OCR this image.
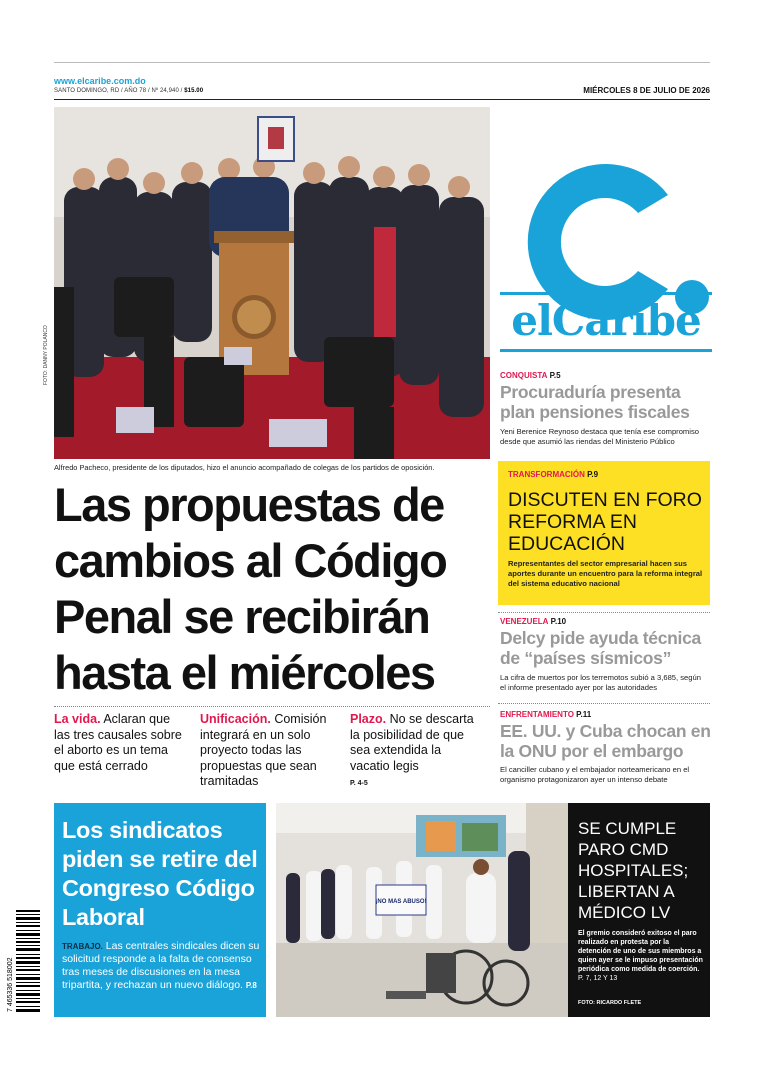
www.elcaribe.com.do
SANTO DOMINGO, RD / AÑO 78 / Nº 24,940 / $15.00	MIÉRCOLES 8 DE JULIO DE 2026
FOTO: DANNY POLANCO
Alfredo Pacheco, presidente de los diputados, hizo el anuncio acompañado de colegas de los partidos de oposición.
Las propuestas de cambios al Código Penal se recibirán hasta el miércoles
La vida. Aclaran que las tres causales sobre el aborto es un tema que está cerrado
Unificación. Comisión integrará en un solo proyecto todas las propuestas que sean tramitadas
Plazo. No se descarta la posibilidad de que sea extendida la vacatio legis
P. 4-5
elCaribe
CONQUISTA P.5
Procuraduría presenta plan pensiones fiscales
Yeni Berenice Reynoso destaca que tenía ese compromiso desde que asumió las riendas del Ministerio Público
TRANSFORMACIÓN P.9
DISCUTEN EN FORO REFORMA EN EDUCACIÓN
Representantes del sector empresarial hacen sus aportes durante un encuentro para la reforma integral del sistema educativo nacional
VENEZUELA P.10
Delcy pide ayuda técnica de “países sísmicos”
La cifra de muertos por los terremotos subió a 3,685, según el informe presentado ayer por las autoridades
ENFRENTAMIENTO P.11
EE. UU. y Cuba chocan en la ONU por el embargo
El canciller cubano y el embajador norteamericano en el organismo protagonizaron ayer un intenso debate
Los sindicatos piden se retire del Congreso Código Laboral
TRABAJO. Las centrales sindicales dicen su solicitud responde a la falta de consenso tras meses de discusiones en la mesa tripartita, y rechazan un nuevo diálogo. P.8
¡NO MAS ABUSO!
SE CUMPLE PARO CMD HOSPITALES; LIBERTAN A MÉDICO LV
El gremio consideró exitoso el paro realizado en protesta por la detención de uno de sus miembros a quien ayer se le impuso presentación periódica como medida de coerción.
P. 7, 12 Y 13
FOTO: RICARDO FLETE
7 465336 518002
